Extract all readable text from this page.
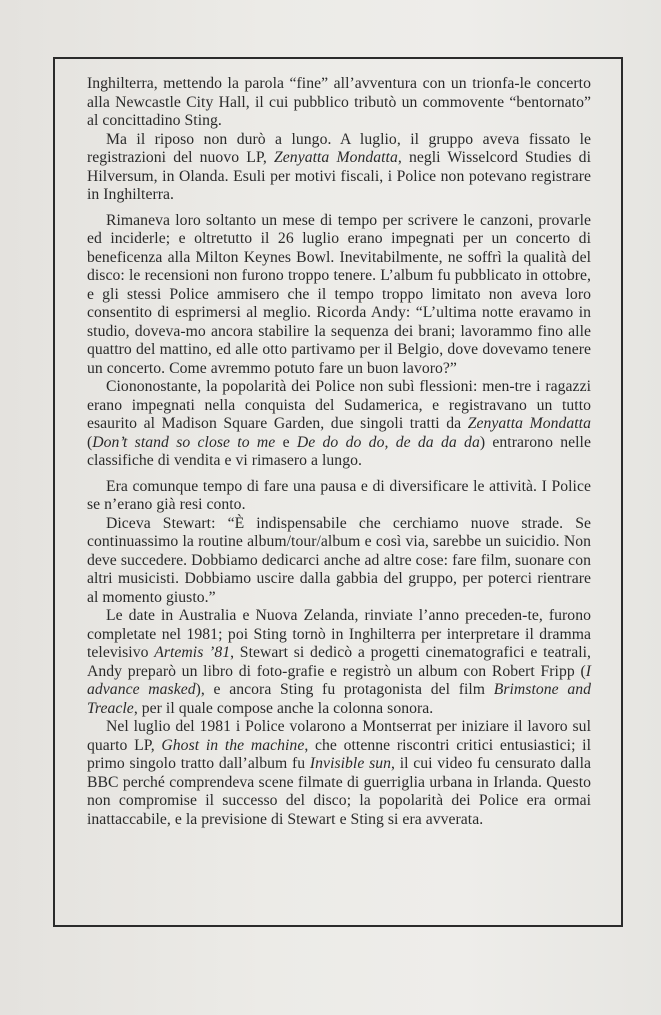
Inghilterra, mettendo la parola “fine” all’avventura con un trionfa-le concerto alla Newcastle City Hall, il cui pubblico tributò un commovente “bentornato” al concittadino Sting.

Ma il riposo non durò a lungo. A luglio, il gruppo aveva fissato le registrazioni del nuovo LP, Zenyatta Mondatta, negli Wisselcord Studies di Hilversum, in Olanda. Esuli per motivi fiscali, i Police non potevano registrare in Inghilterra.

Rimaneva loro soltanto un mese di tempo per scrivere le canzoni, provarle ed inciderle; e oltretutto il 26 luglio erano impegnati per un concerto di beneficenza alla Milton Keynes Bowl. Inevitabilmente, ne soffrì la qualità del disco: le recensioni non furono troppo tenere. L’album fu pubblicato in ottobre, e gli stessi Police ammisero che il tempo troppo limitato non aveva loro consentito di esprimersi al meglio. Ricorda Andy: “L’ultima notte eravamo in studio, doveva-mo ancora stabilire la sequenza dei brani; lavorammo fino alle quattro del mattino, ed alle otto partivamo per il Belgio, dove dovevamo tenere un concerto. Come avremmo potuto fare un buon lavoro?”

Ciononostante, la popolarità dei Police non subì flessioni: men-tre i ragazzi erano impegnati nella conquista del Sudamerica, e registravano un tutto esaurito al Madison Square Garden, due singoli tratti da Zenyatta Mondatta (Don’t stand so close to me e De do do do, de da da da) entrarono nelle classifiche di vendita e vi rimasero a lungo.

Era comunque tempo di fare una pausa e di diversificare le attività. I Police se n’erano già resi conto.

Diceva Stewart: “È indispensabile che cerchiamo nuove strade. Se continuassimo la routine album/tour/album e così via, sarebbe un suicidio. Non deve succedere. Dobbiamo dedicarci anche ad altre cose: fare film, suonare con altri musicisti. Dobbiamo uscire dalla gabbia del gruppo, per poterci rientrare al momento giusto.”

Le date in Australia e Nuova Zelanda, rinviate l’anno preceden-te, furono completate nel 1981; poi Sting tornò in Inghilterra per interpretare il dramma televisivo Artemis ’81, Stewart si dedicò a progetti cinematografici e teatrali, Andy preparò un libro di foto-grafie e registrò un album con Robert Fripp (I advance masked), e ancora Sting fu protagonista del film Brimstone and Treacle, per il quale compose anche la colonna sonora.

Nel luglio del 1981 i Police volarono a Montserrat per iniziare il lavoro sul quarto LP, Ghost in the machine, che ottenne riscontri critici entusiastici; il primo singolo tratto dall’album fu Invisible sun, il cui video fu censurato dalla BBC perché comprendeva scene filmate di guerriglia urbana in Irlanda. Questo non compromise il successo del disco; la popolarità dei Police era ormai inattaccabile, e la previsione di Stewart e Sting si era avverata.
